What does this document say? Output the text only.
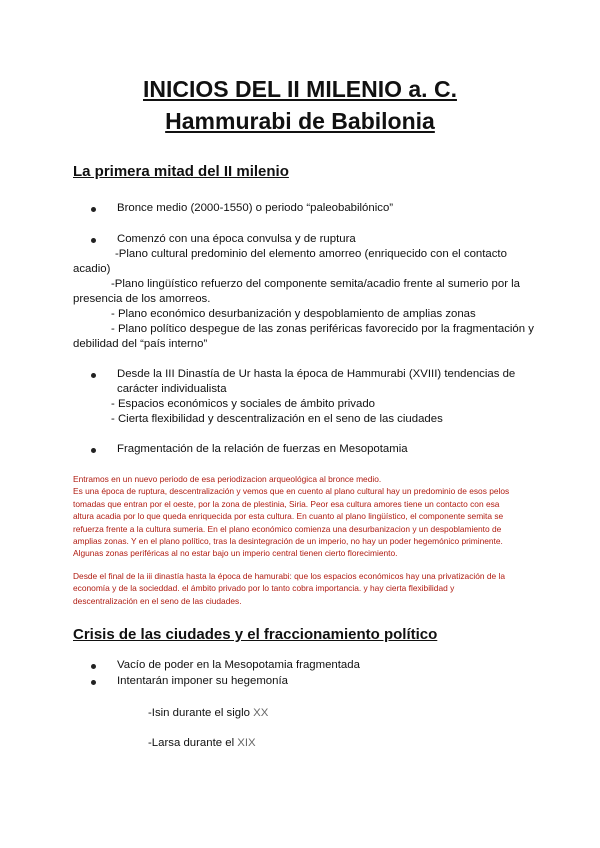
INICIOS DEL II MILENIO a. C.
Hammurabi de Babilonia
La primera mitad del II milenio
Bronce medio (2000-1550) o periodo “paleobabilónico”
Comenzó con una época convulsa y de ruptura
-Plano cultural predominio del elemento amorreo (enriquecido con el contacto
acadio)
-Plano lingüístico refuerzo del componente semita/acadio frente al sumerio por la
presencia de los amorreos.
- Plano económico desurbanización y despoblamiento de amplias zonas
- Plano político despegue de las zonas periféricas favorecido por la fragmentación y
debilidad del “país interno”
Desde la III Dinastía de Ur hasta la época de Hammurabi (XVIII) tendencias de
carácter individualista
- Espacios económicos y sociales de ámbito privado
- Cierta flexibilidad y descentralización en el seno de las ciudades
Fragmentación de la relación de fuerzas en Mesopotamia
Entramos en un nuevo periodo de esa periodizacion arqueológica al bronce medio.
Es una época de ruptura, descentralización y vemos que en cuento al plano cultural hay un predominio de esos pelos
tomadas que entran por el oeste, por la zona de plestinia, Siria. Peor esa cultura amores tiene un contacto con esa
altura acadia por lo que queda enriquecida por esta cultura. En cuanto al plano lingüístico, el componente semita se
refuerza frente a la cultura sumeria. En el plano económico comienza una desurbanizacion y un despoblamiento de
amplias zonas. Y en el plano político, tras la desintegración de un imperio, no hay un poder hegemónico priminente.
Algunas zonas periféricas al no estar bajo un imperio central tienen cierto florecimiento.
Desde el final de la iii dinastía hasta la época de hamurabi: que los espacios económicos hay una privatización de la
economía y de la socieddad. el ámbito privado por lo tanto cobra importancia. y hay cierta flexibilidad y
descentralización en el seno de las ciudades.
Crisis de las ciudades y el fraccionamiento político
Vacío de poder en la Mesopotamia fragmentada
Intentarán imponer su hegemonía
-Isin durante el siglo XX
-Larsa durante el XIX
